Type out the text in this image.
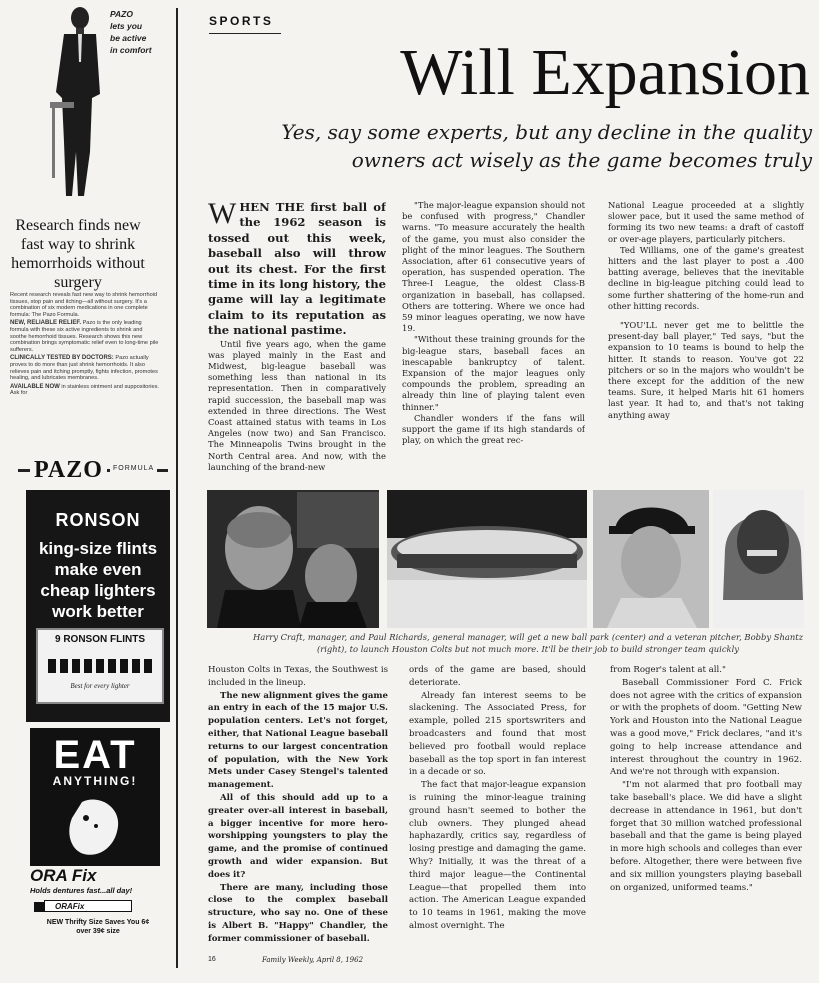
PAZO
lets you
be active
in comfort
Research finds new fast way to shrink hemorrhoids without surgery
Recent research reveals fast new way to shrink hemorrhoid tissues, stop pain and itching—all without surgery. It's a combination of six modern medications in one complete formula: The Pazo Formula.
NEW, RELIABLE RELIEF. Pazo is the only leading formula with these six active ingredients to shrink and soothe hemorrhoid tissues. Research shows this new combination brings symptomatic relief even to long-time pile sufferers.
CLINICALLY TESTED BY DOCTORS: Pazo actually proves to do more than just shrink hemorrhoids. It also relieves pain and itching promptly, fights infection, promotes healing, and lubricates membranes.
AVAILABLE NOW in stainless ointment and suppositories. Ask for
PAZO	FORMULA
RONSON
king-size flints
make even
cheap lighters
work better
9 RONSON FLINTS
Best for every lighter
EAT
ANYTHING!
ORA Fix
Holds dentures fast...all day!
ORAFix
NEW Thrifty Size Saves You 6¢
over 39¢ size
SPORTS
Will Expansion
Yes, say some experts, but any decline in the quality owners act wisely as the game becomes truly
W HEN THE first ball of the 1962 season is tossed out this week, baseball also will throw out its chest. For the first time in its long history, the game will lay a legitimate claim to its reputation as the national pastime.

Until five years ago, when the game was played mainly in the East and Midwest, big-league baseball was something less than national in its representation. Then in comparatively rapid succession, the baseball map was extended in three directions. The West Coast attained status with teams in Los Angeles (now two) and San Francisco. The Minneapolis Twins brought in the North Central area. And now, with the launching of the brand-new

"The major-league expansion should not be confused with progress," Chandler warns. "To measure accurately the health of the game, you must also consider the plight of the minor leagues. The Southern Association, after 61 consecutive years of operation, has suspended operation. The Three-I League, the oldest Class-B organization in baseball, has collapsed. Others are tottering. Where we once had 59 minor leagues operating, we now have 19.

"Without these training grounds for the big-league stars, baseball faces an inescapable bankruptcy of talent. Expansion of the major leagues only compounds the problem, spreading an already thin line of playing talent even thinner."

Chandler wonders if the fans will support the game if its high standards of play, on which the great rec-

National League proceeded at a slightly slower pace, but it used the same method of forming its two new teams: a draft of castoff or over-age players, particularly pitchers.

Ted Williams, one of the game's greatest hitters and the last player to post a .400 batting average, believes that the inevitable decline in big-league pitching could lead to some further shattering of the home-run and other hitting records.

"YOU'LL never get me to belittle the present-day ball player," Ted says, "but the expansion to 10 teams is bound to help the hitter. It stands to reason. You've got 22 pitchers or so in the majors who wouldn't be there except for the addition of the new teams. Sure, it helped Maris hit 61 homers last year. It had to, and that's not taking anything away

Harry Craft, manager, and Paul Richards, general manager, will get a new ball park (center) and a veteran pitcher, Bobby Shantz (right), to launch Houston Colts but not much more. It'll be their job to build stronger team quickly

Houston Colts in Texas, the Southwest is included in the lineup.

The new alignment gives the game an entry in each of the 15 major U.S. population centers. Let's not forget, either, that National League baseball returns to our largest concentration of population, with the New York Mets under Casey Stengel's talented management.

All of this should add up to a greater over-all interest in baseball, a bigger incentive for more hero-worshipping youngsters to play the game, and the promise of continued growth and wider expansion. But does it?

There are many, including those close to the complex baseball structure, who say no. One of these is Albert B. "Happy" Chandler, the former commissioner of baseball.

ords of the game are based, should deteriorate.

Already fan interest seems to be slackening. The Associated Press, for example, polled 215 sportswriters and broadcasters and found that most believed pro football would replace baseball as the top sport in fan interest in a decade or so.

The fact that major-league expansion is ruining the minor-league training ground hasn't seemed to bother the club owners. They plunged ahead haphazardly, critics say, regardless of losing prestige and damaging the game. Why? Initially, it was the threat of a third major league—the Continental League—that propelled them into action. The American League expanded to 10 teams in 1961, making the move almost overnight. The

from Roger's talent at all."

Baseball Commissioner Ford C. Frick does not agree with the critics of expansion or with the prophets of doom. "Getting New York and Houston into the National League was a good move," Frick declares, "and it's going to help increase attendance and interest throughout the country in 1962. And we're not through with expansion.

"I'm not alarmed that pro football may take baseball's place. We did have a slight decrease in attendance in 1961, but don't forget that 30 million watched professional baseball and that the game is being played in more high schools and colleges than ever before. Altogether, there were between five and six million youngsters playing baseball on organized, uniformed teams."

16	Family Weekly, April 8, 1962
